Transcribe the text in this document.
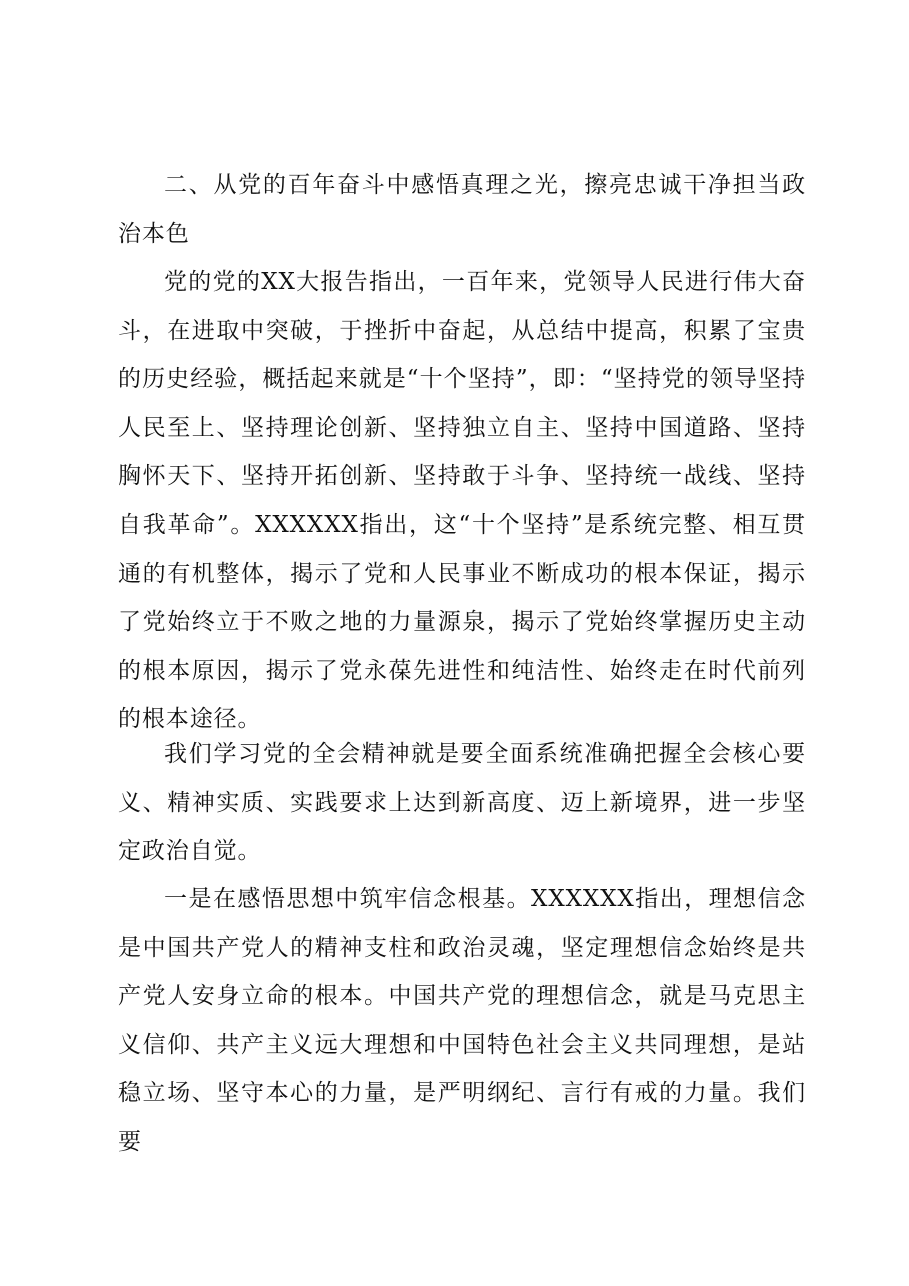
二、从党的百年奋斗中感悟真理之光，擦亮忠诚干净担当政治本色

党的党的XX大报告指出，一百年来，党领导人民进行伟大奋斗，在进取中突破，于挫折中奋起，从总结中提高，积累了宝贵的历史经验，概括起来就是“十个坚持”，即：“坚持党的领导坚持人民至上、坚持理论创新、坚持独立自主、坚持中国道路、坚持胸怀天下、坚持开拓创新、坚持敢于斗争、坚持统一战线、坚持自我革命”。XXXXXX指出，这“十个坚持”是系统完整、相互贯通的有机整体，揭示了党和人民事业不断成功的根本保证，揭示了党始终立于不败之地的力量源泉，揭示了党始终掌握历史主动的根本原因，揭示了党永葆先进性和纯洁性、始终走在时代前列的根本途径。

我们学习党的全会精神就是要全面系统准确把握全会核心要义、精神实质、实践要求上达到新高度、迈上新境界，进一步坚定政治自觉。

一是在感悟思想中筑牢信念根基。XXXXXX指出，理想信念是中国共产党人的精神支柱和政治灵魂，坚定理想信念始终是共产党人安身立命的根本。中国共产党的理想信念，就是马克思主义信仰、共产主义远大理想和中国特色社会主义共同理想，是站稳立场、坚守本心的力量，是严明纲纪、言行有戒的力量。我们要
